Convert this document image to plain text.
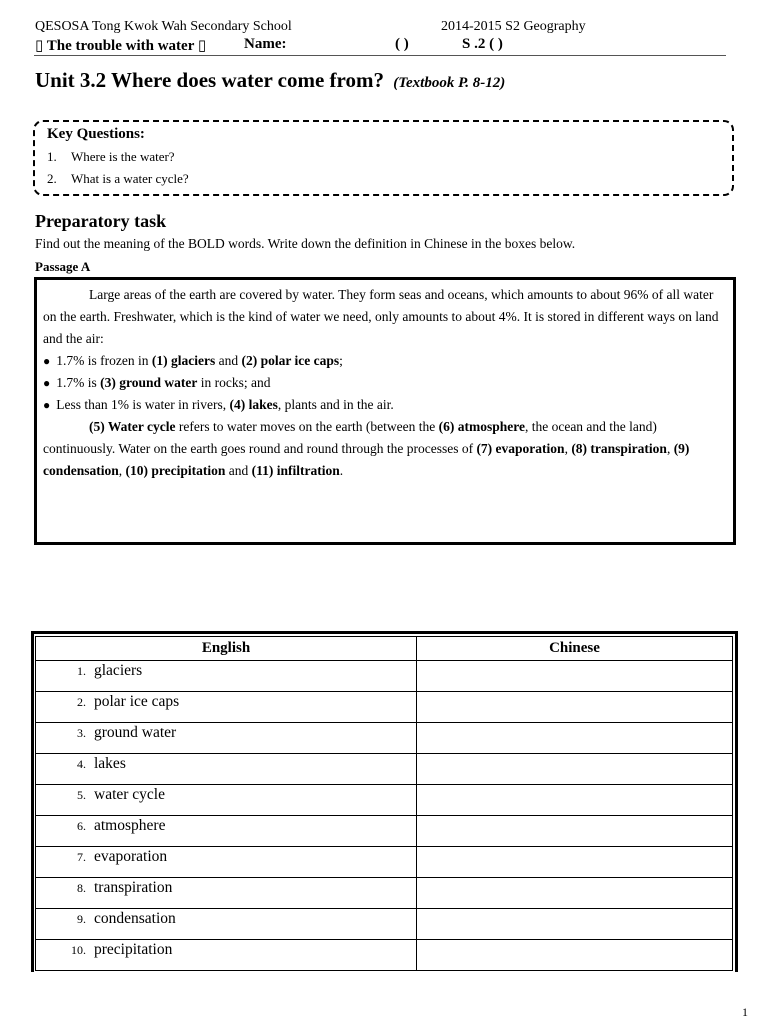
QESOSA Tong Kwok Wah Secondary School	2014-2015 S2 Geography
▯ The trouble with water ▯	Name:	( )	S .2 ( )
Unit 3.2 Where does water come from? (Textbook P. 8-12)
Key Questions:
1. Where is the water?
2. What is a water cycle?
Preparatory task
Find out the meaning of the BOLD words. Write down the definition in Chinese in the boxes below.
Passage A

Large areas of the earth are covered by water. They form seas and oceans, which amounts to about 96% of all water on the earth. Freshwater, which is the kind of water we need, only amounts to about 4%. It is stored in different ways on land and the air:

● 1.7% is frozen in (1) glaciers and (2) polar ice caps;

● 1.7% is (3) ground water in rocks; and

● Less than 1% is water in rivers, (4) lakes, plants and in the air.

(5) Water cycle refers to water moves on the earth (between the (6) atmosphere, the ocean and the land) continuously. Water on the earth goes round and round through the processes of (7) evaporation, (8) transpiration, (9) condensation, (10) precipitation and (11) infiltration.

English	Chinese
1. glaciers	
2. polar ice caps	
3. ground water	
4. lakes	
5. water cycle	
6. atmosphere	
7. evaporation	
8. transpiration	
9. condensation	
10. precipitation	
1
